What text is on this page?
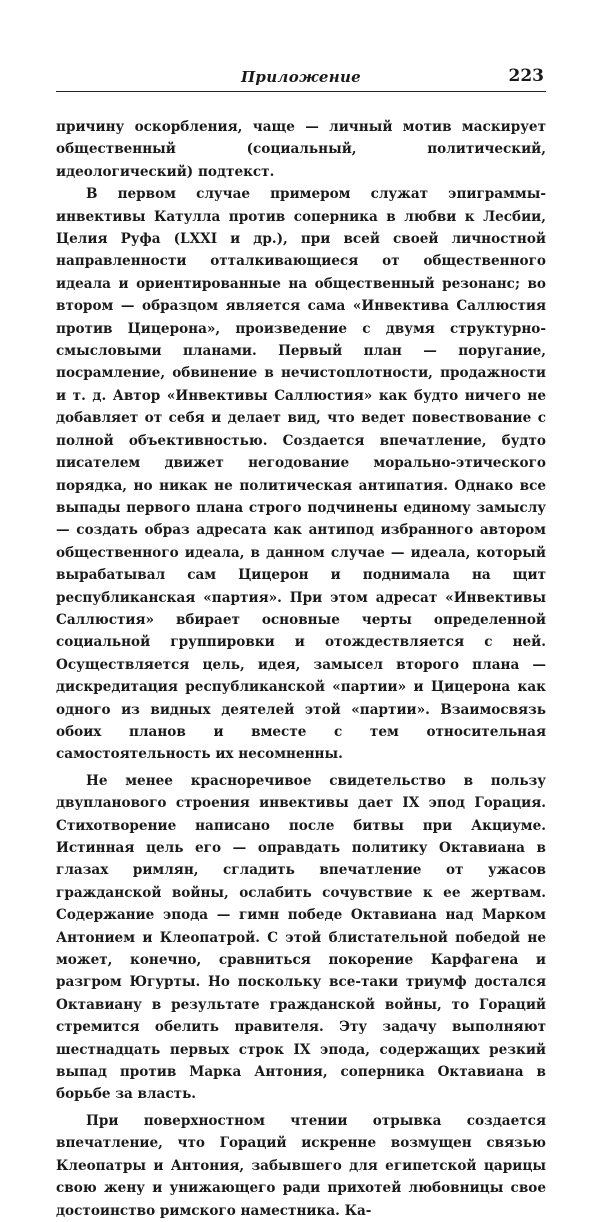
Приложение	223

причину оскорбления, чаще — личный мотив маскирует общественный (социальный, политический, идеологический) подтекст.

В первом случае примером служат эпиграммы-инвективы Катулла против соперника в любви к Лесбии, Целия Руфа (LXXI и др.), при всей своей личностной направленности отталкивающиеся от общественного идеала и ориентированные на общественный резонанс; во втором — образцом является сама «Инвектива Саллюстия против Цицерона», произведение с двумя структурно-смысловыми планами. Первый план — поругание, посрамление, обвинение в нечистоплотности, продажности и т. д. Автор «Инвективы Саллюстия» как будто ничего не добавляет от себя и делает вид, что ведет повествование с полной объективностью. Создается впечатление, будто писателем движет негодование морально-этического порядка, но никак не политическая антипатия. Однако все выпады первого плана строго подчинены единому замыслу — создать образ адресата как антипод избранного автором общественного идеала, в данном случае — идеала, который вырабатывал сам Цицерон и поднимала на щит республиканская «партия». При этом адресат «Инвективы Саллюстия» вбирает основные черты определенной социальной группировки и отождествляется с ней. Осуществляется цель, идея, замысел второго плана — дискредитация республиканской «партии» и Цицерона как одного из видных деятелей этой «партии». Взаимосвязь обоих планов и вместе с тем относительная самостоятельность их несомненны.

Не менее красноречивое свидетельство в пользу двупланового строения инвективы дает IX эпод Горация. Стихотворение написано после битвы при Акциуме. Истинная цель его — оправдать политику Октавиана в глазах римлян, сгладить впечатление от ужасов гражданской войны, ослабить сочувствие к ее жертвам. Содержание эпода — гимн победе Октавиана над Марком Антонием и Клеопатрой. С этой блистательной победой не может, конечно, сравниться покорение Карфагена и разгром Югурты. Но поскольку все-таки триумф достался Октавиану в результате гражданской войны, то Гораций стремится обелить правителя. Эту задачу выполняют шестнадцать первых строк IX эпода, содержащих резкий выпад против Марка Антония, соперника Октавиана в борьбе за власть.

При поверхностном чтении отрывка создается впечатление, что Гораций искренне возмущен связью Клеопатры и Антония, забывшего для египетской царицы свою жену и унижающего ради прихотей любовницы свое достоинство римского наместника. Ка-
